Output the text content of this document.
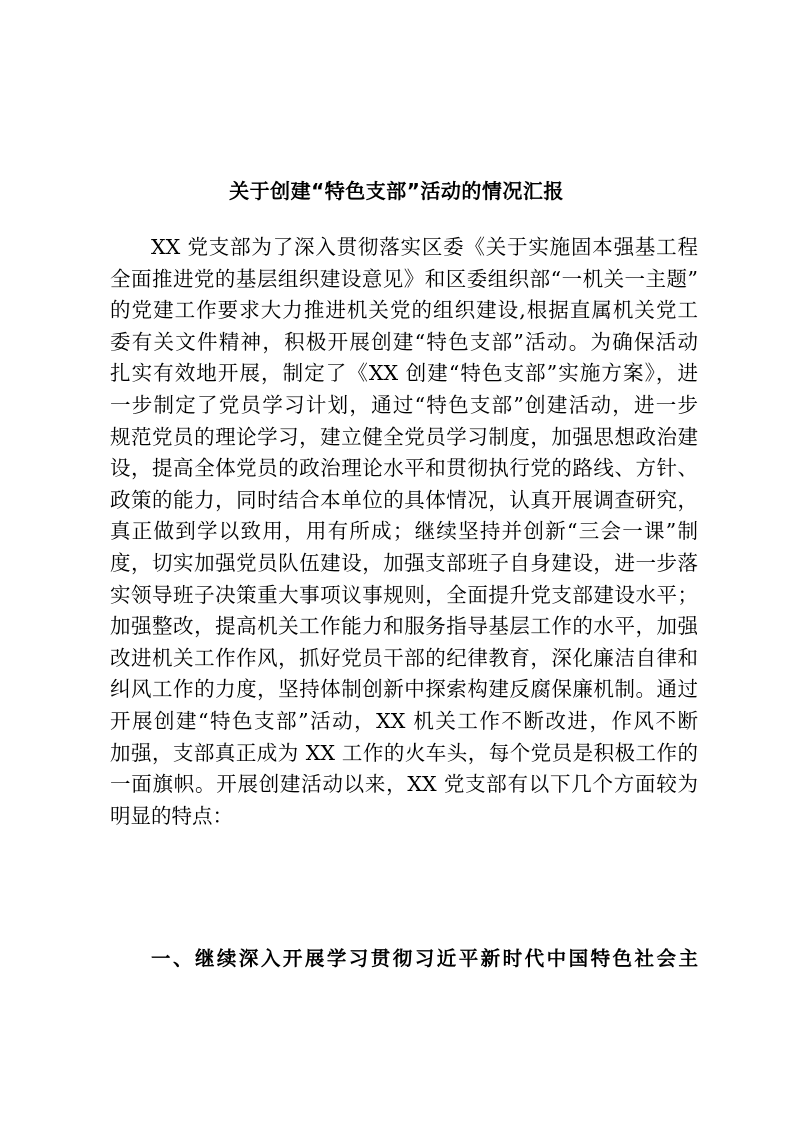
关于创建“特色支部”活动的情况汇报
XX 党支部为了深入贯彻落实区委《关于实施固本强基工程
全面推进党的基层组织建设意见》和区委组织部“一机关一主题”
的党建工作要求大力推进机关党的组织建设,根据直属机关党工
委有关文件精神，积极开展创建“特色支部”活动。为确保活动
扎实有效地开展，制定了《XX 创建“特色支部”实施方案》，进
一步制定了党员学习计划，通过“特色支部”创建活动，进一步
规范党员的理论学习，建立健全党员学习制度，加强思想政治建
设，提高全体党员的政治理论水平和贯彻执行党的路线、方针、
政策的能力，同时结合本单位的具体情况，认真开展调查研究，
真正做到学以致用，用有所成；继续坚持并创新“三会一课”制
度，切实加强党员队伍建设，加强支部班子自身建设，进一步落
实领导班子决策重大事项议事规则，全面提升党支部建设水平；
加强整改，提高机关工作能力和服务指导基层工作的水平，加强
改进机关工作作风，抓好党员干部的纪律教育，深化廉洁自律和
纠风工作的力度，坚持体制创新中探索构建反腐保廉机制。通过
开展创建“特色支部”活动，XX 机关工作不断改进，作风不断
加强，支部真正成为 XX 工作的火车头，每个党员是积极工作的
一面旗帜。开展创建活动以来，XX 党支部有以下几个方面较为
明显的特点：
一、继续深入开展学习贯彻习近平新时代中国特色社会主
